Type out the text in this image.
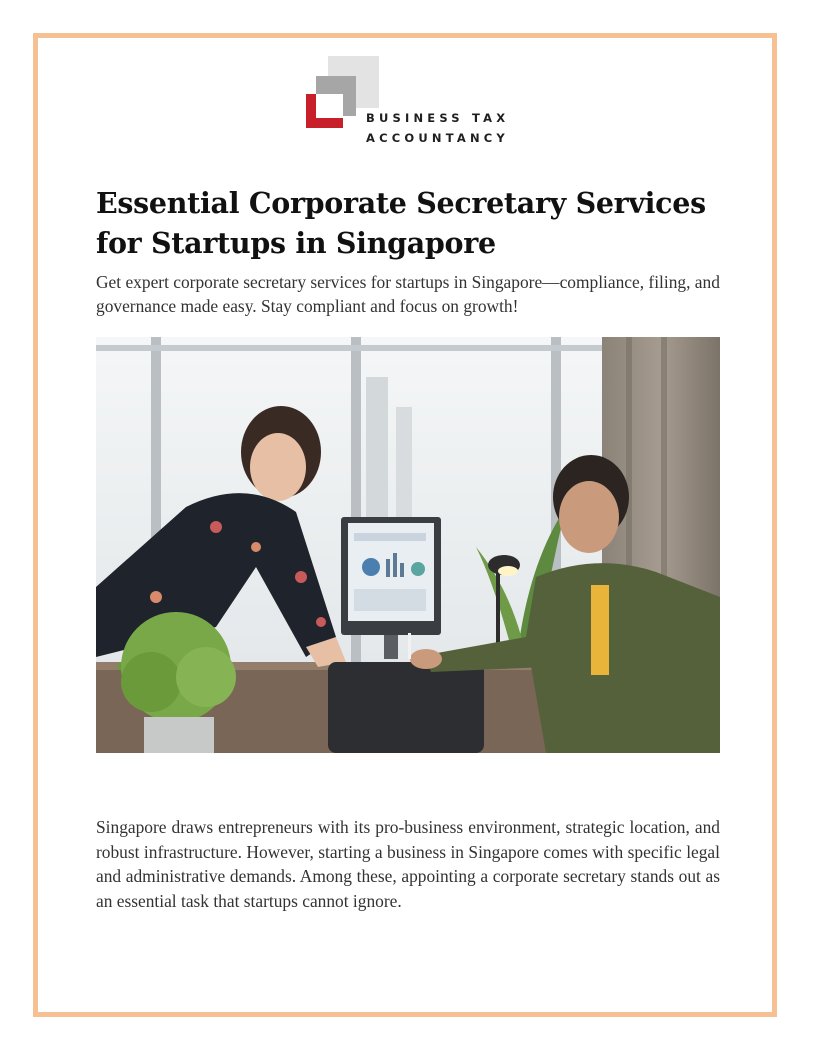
BUSINESS TAX
ACCOUNTANCY
Essential Corporate Secretary Services for Startups in Singapore

Get expert corporate secretary services for startups in Singapore—compliance, filing, and governance made easy. Stay compliant and focus on growth!

Singapore draws entrepreneurs with its pro-business environment, strategic location, and robust infrastructure. However, starting a business in Singapore comes with specific legal and administrative demands. Among these, appointing a corporate secretary stands out as an essential task that startups cannot ignore.
